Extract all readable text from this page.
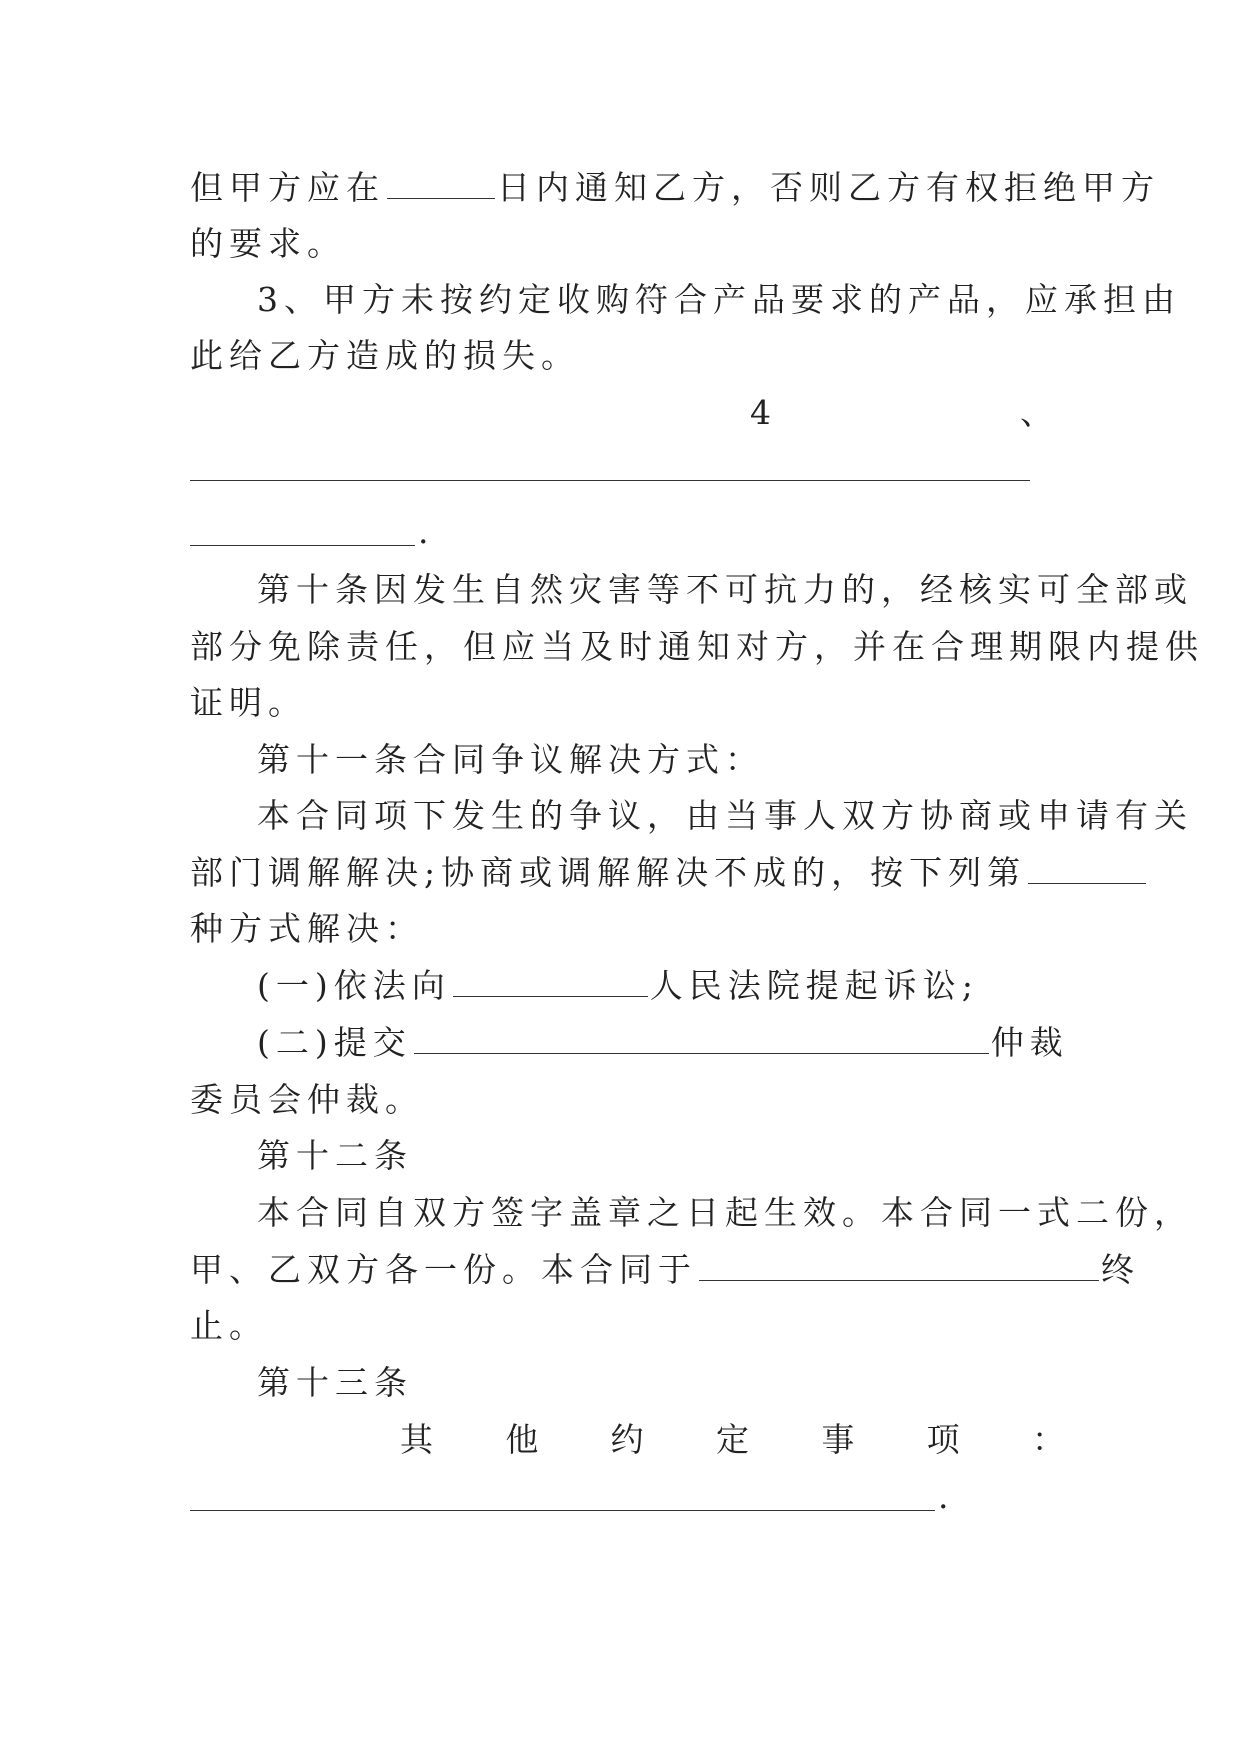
但甲方应在	日内通知乙方，否则乙方有权拒绝甲方
的要求。
3、甲方未按约定收购符合产品要求的产品，应承担由
此给乙方造成的损失。
4	、
.
第十条因发生自然灾害等不可抗力的，经核实可全部或
部分免除责任，但应当及时通知对方，并在合理期限内提供
证明。
第十一条合同争议解决方式：
本合同项下发生的争议，由当事人双方协商或申请有关
部门调解解决;协商或调解解决不成的，按下列第
种方式解决：
(一)依法向	人民法院提起诉讼;
(二)提交	仲裁
委员会仲裁。
第十二条
本合同自双方签字盖章之日起生效。本合同一式二份，
甲、乙双方各一份。本合同于	终
止。
第十三条
其 他 约 定 事 项 ：
.
